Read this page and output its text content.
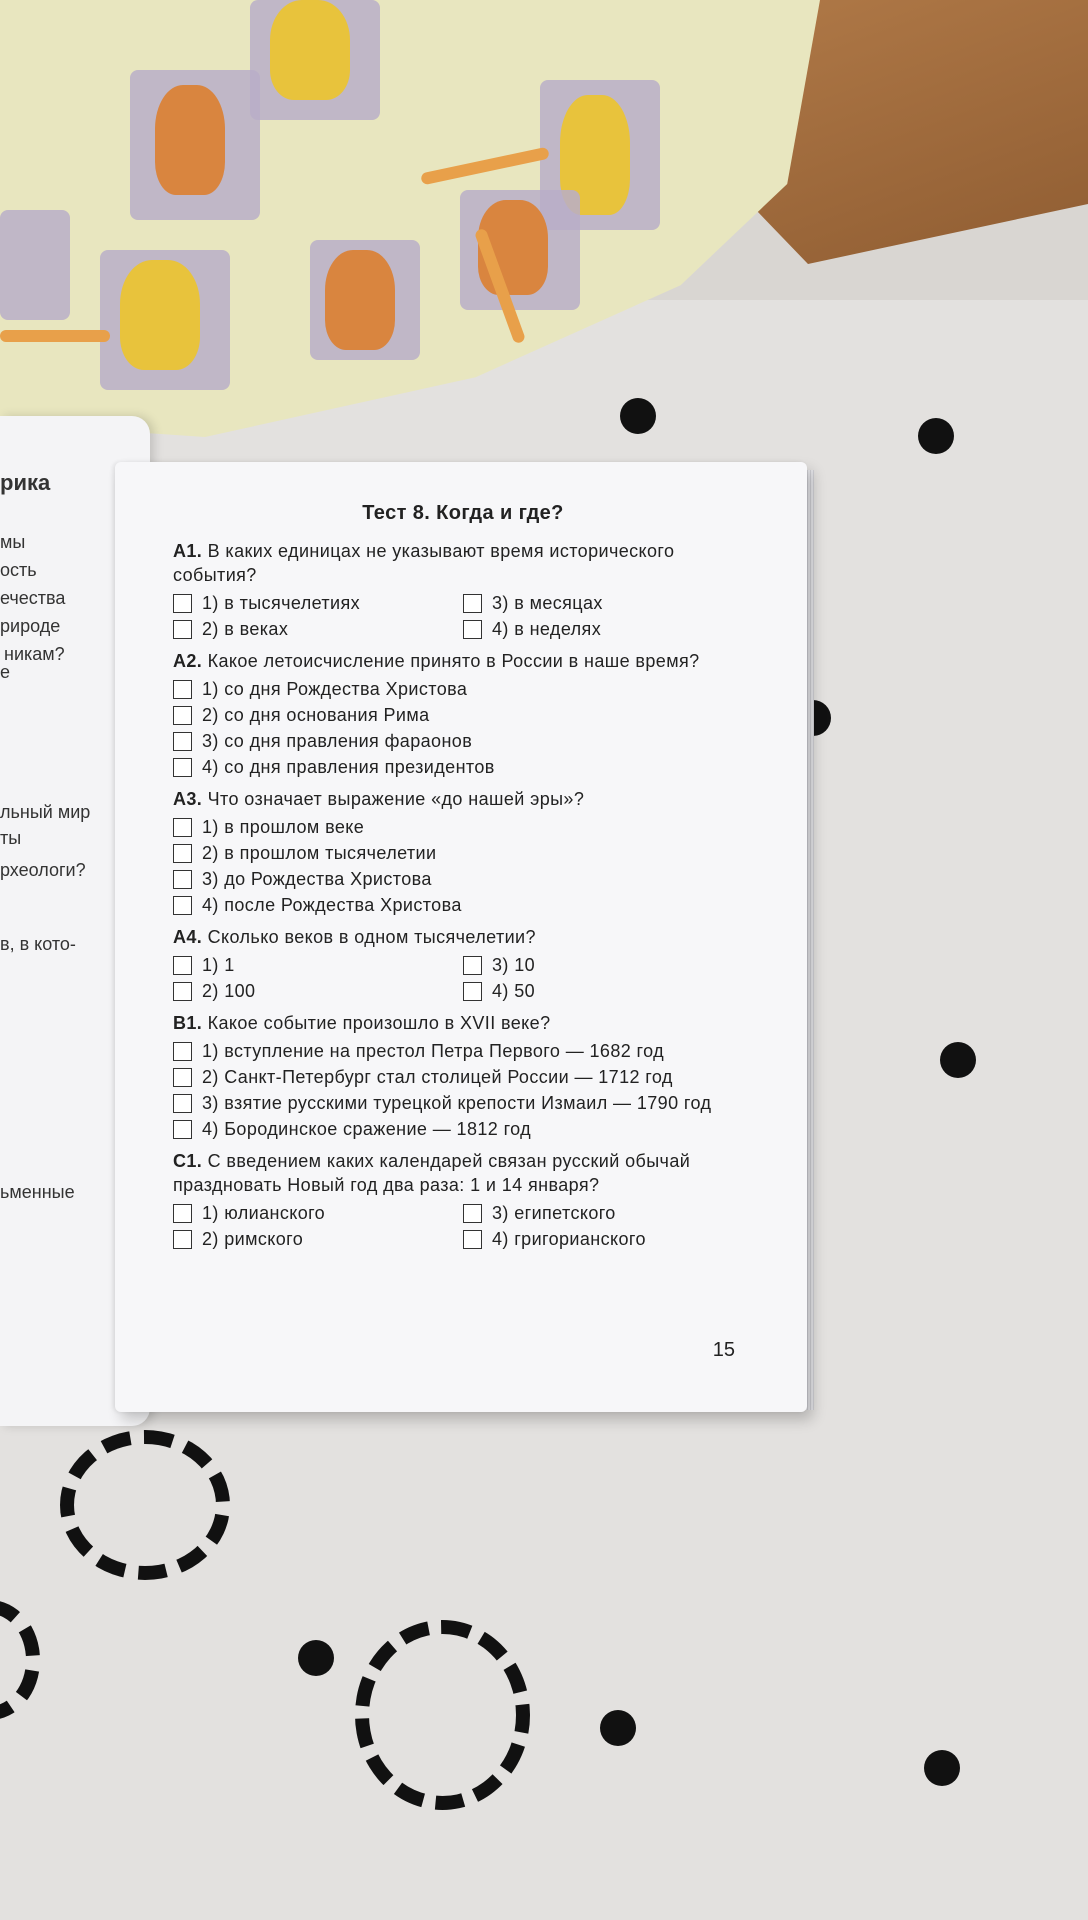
рика
мы
ость
ечества
рироде
никам?
е
льный мир
ты
рхеологи?
в, в кото-
ьменные
Тест 8. Когда и где?
A1. В каких единицах не указывают время исторического события?
1) в тысячелетиях	3) в месяцах
2) в веках	4) в неделях
A2. Какое летоисчисление принято в России в наше время?
1) со дня Рождества Христова
2) со дня основания Рима
3) со дня правления фараонов
4) со дня правления президентов
A3. Что означает выражение «до нашей эры»?
1) в прошлом веке
2) в прошлом тысячелетии
3) до Рождества Христова
4) после Рождества Христова
A4. Сколько веков в одном тысячелетии?
1) 1	3) 10
2) 100	4) 50
B1. Какое событие произошло в XVII веке?
1) вступление на престол Петра Первого — 1682 год
2) Санкт-Петербург стал столицей России — 1712 год
3) взятие русскими турецкой крепости Измаил — 1790 год
4) Бородинское сражение — 1812 год
C1. С введением каких календарей связан русский обычай праздновать Новый год два раза: 1 и 14 января?
1) юлианского	3) египетского
2) римского	4) григорианского
15
